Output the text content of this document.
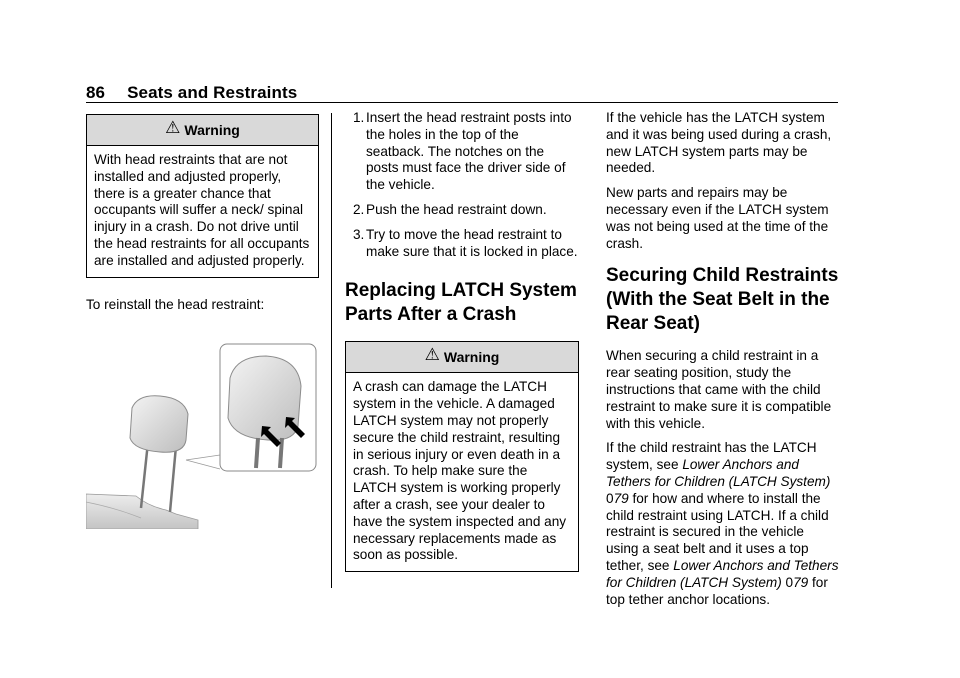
86 Seats and Restraints
⚠ Warning

With head restraints that are not installed and adjusted properly, there is a greater chance that occupants will suffer a neck/ spinal injury in a crash. Do not drive until the head restraints for all occupants are installed and adjusted properly.

To reinstall the head restraint:

1. Insert the head restraint posts into the holes in the top of the seatback. The notches on the posts must face the driver side of the vehicle.
2. Push the head restraint down.
3. Try to move the head restraint to make sure that it is locked in place.
Replacing LATCH System Parts After a Crash
⚠ Warning

A crash can damage the LATCH system in the vehicle. A damaged LATCH system may not properly secure the child restraint, resulting in serious injury or even death in a crash. To help make sure the LATCH system is working properly after a crash, see your dealer to have the system inspected and any necessary replacements made as soon as possible.

If the vehicle has the LATCH system and it was being used during a crash, new LATCH system parts may be needed.

New parts and repairs may be necessary even if the LATCH system was not being used at the time of the crash.

Securing Child Restraints (With the Seat Belt in the Rear Seat)

When securing a child restraint in a rear seating position, study the instructions that came with the child restraint to make sure it is compatible with this vehicle.

If the child restraint has the LATCH system, see Lower Anchors and Tethers for Children (LATCH System) 079 for how and where to install the child restraint using LATCH. If a child restraint is secured in the vehicle using a seat belt and it uses a top tether, see Lower Anchors and Tethers for Children (LATCH System) 079 for top tether anchor locations.
